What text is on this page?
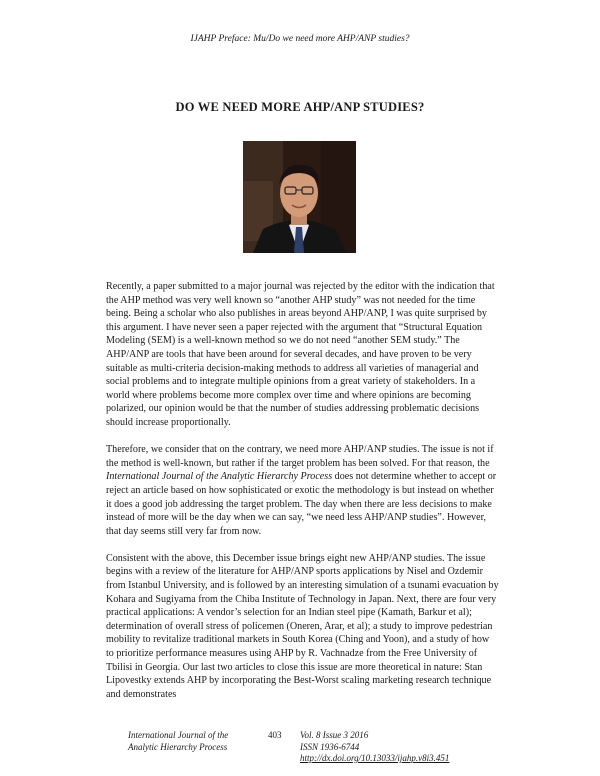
IJAHP Preface: Mu/Do we need more AHP/ANP studies?
DO WE NEED MORE AHP/ANP STUDIES?

Recently, a paper submitted to a major journal was rejected by the editor with the indication that the AHP method was very well known so “another AHP study” was not needed for the time being. Being a scholar who also publishes in areas beyond AHP/ANP, I was quite surprised by this argument. I have never seen a paper rejected with the argument that “Structural Equation Modeling (SEM) is a well-known method so we do not need “another SEM study.” The AHP/ANP are tools that have been around for several decades, and have proven to be very suitable as multi-criteria decision-making methods to address all varieties of managerial and social problems and to integrate multiple opinions from a great variety of stakeholders. In a world where problems become more complex over time and where opinions are becoming polarized, our opinion would be that the number of studies addressing problematic decisions should increase proportionally.

Therefore, we consider that on the contrary, we need more AHP/ANP studies. The issue is not if the method is well-known, but rather if the target problem has been solved. For that reason, the International Journal of the Analytic Hierarchy Process does not determine whether to accept or reject an article based on how sophisticated or exotic the methodology is but instead on whether it does a good job addressing the target problem. The day when there are less decisions to make instead of more will be the day when we can say, “we need less AHP/ANP studies”. However, that day seems still very far from now.

Consistent with the above, this December issue brings eight new AHP/ANP studies. The issue begins with a review of the literature for AHP/ANP sports applications by Nisel and Ozdemir from Istanbul University, and is followed by an interesting simulation of a tsunami evacuation by Kohara and Sugiyama from the Chiba Institute of Technology in Japan. Next, there are four very practical applications: A vendor’s selection for an Indian steel pipe (Kamath, Barkur et al); determination of overall stress of policemen (Oneren, Arar, et al); a study to improve pedestrian mobility to revitalize traditional markets in South Korea (Ching and Yoon), and a study of how to prioritize performance measures using AHP by R. Vachnadze from the Free University of Tbilisi in Georgia. Our last two articles to close this issue are more theoretical in nature: Stan Lipovestky extends AHP by incorporating the Best-Worst scaling marketing research technique and demonstrates

International Journal of the
Analytic Hierarchy Process
403 Vol. 8 Issue 3 2016
ISSN 1936-6744
http://dx.doi.org/10.13033/ijahp.v8i3.451
